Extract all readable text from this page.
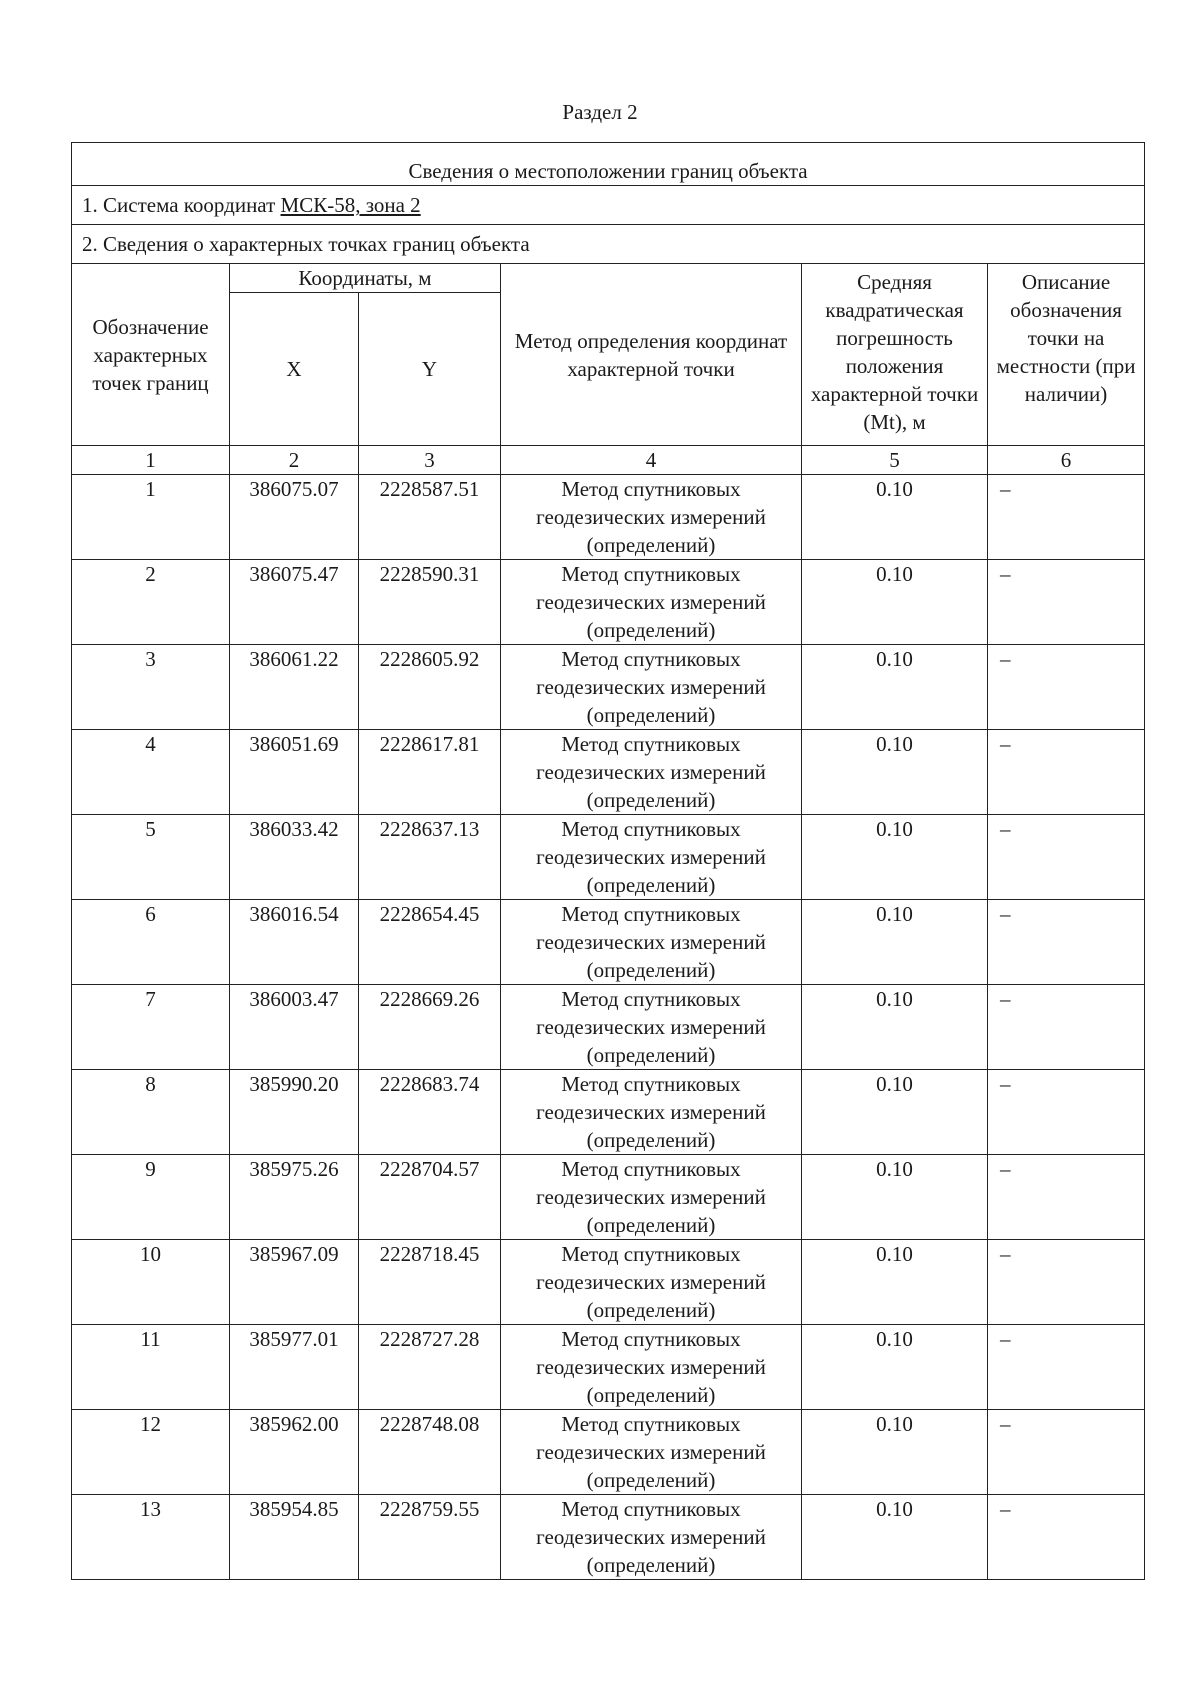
Раздел 2
Сведения о местоположении границ объекта					
1. Система координат МСК-58, зона 2					
2. Сведения о характерных точках границ объекта					
Обозначение характерных точек границ	Координаты, м		Метод определения координат характерной точки	Средняя квадратическая погрешность положения характерной точки (Mt), м	Описание обозначения точки на местности (при наличии)
	X	Y			
1	2	3	4	5	6
1	386075.07	2228587.51	Метод спутниковых геодезических измерений (определений)	0.10	–
2	386075.47	2228590.31	Метод спутниковых геодезических измерений (определений)	0.10	–
3	386061.22	2228605.92	Метод спутниковых геодезических измерений (определений)	0.10	–
4	386051.69	2228617.81	Метод спутниковых геодезических измерений (определений)	0.10	–
5	386033.42	2228637.13	Метод спутниковых геодезических измерений (определений)	0.10	–
6	386016.54	2228654.45	Метод спутниковых геодезических измерений (определений)	0.10	–
7	386003.47	2228669.26	Метод спутниковых геодезических измерений (определений)	0.10	–
8	385990.20	2228683.74	Метод спутниковых геодезических измерений (определений)	0.10	–
9	385975.26	2228704.57	Метод спутниковых геодезических измерений (определений)	0.10	–
10	385967.09	2228718.45	Метод спутниковых геодезических измерений (определений)	0.10	–
11	385977.01	2228727.28	Метод спутниковых геодезических измерений (определений)	0.10	–
12	385962.00	2228748.08	Метод спутниковых геодезических измерений (определений)	0.10	–
13	385954.85	2228759.55	Метод спутниковых геодезических измерений (определений)	0.10	–
